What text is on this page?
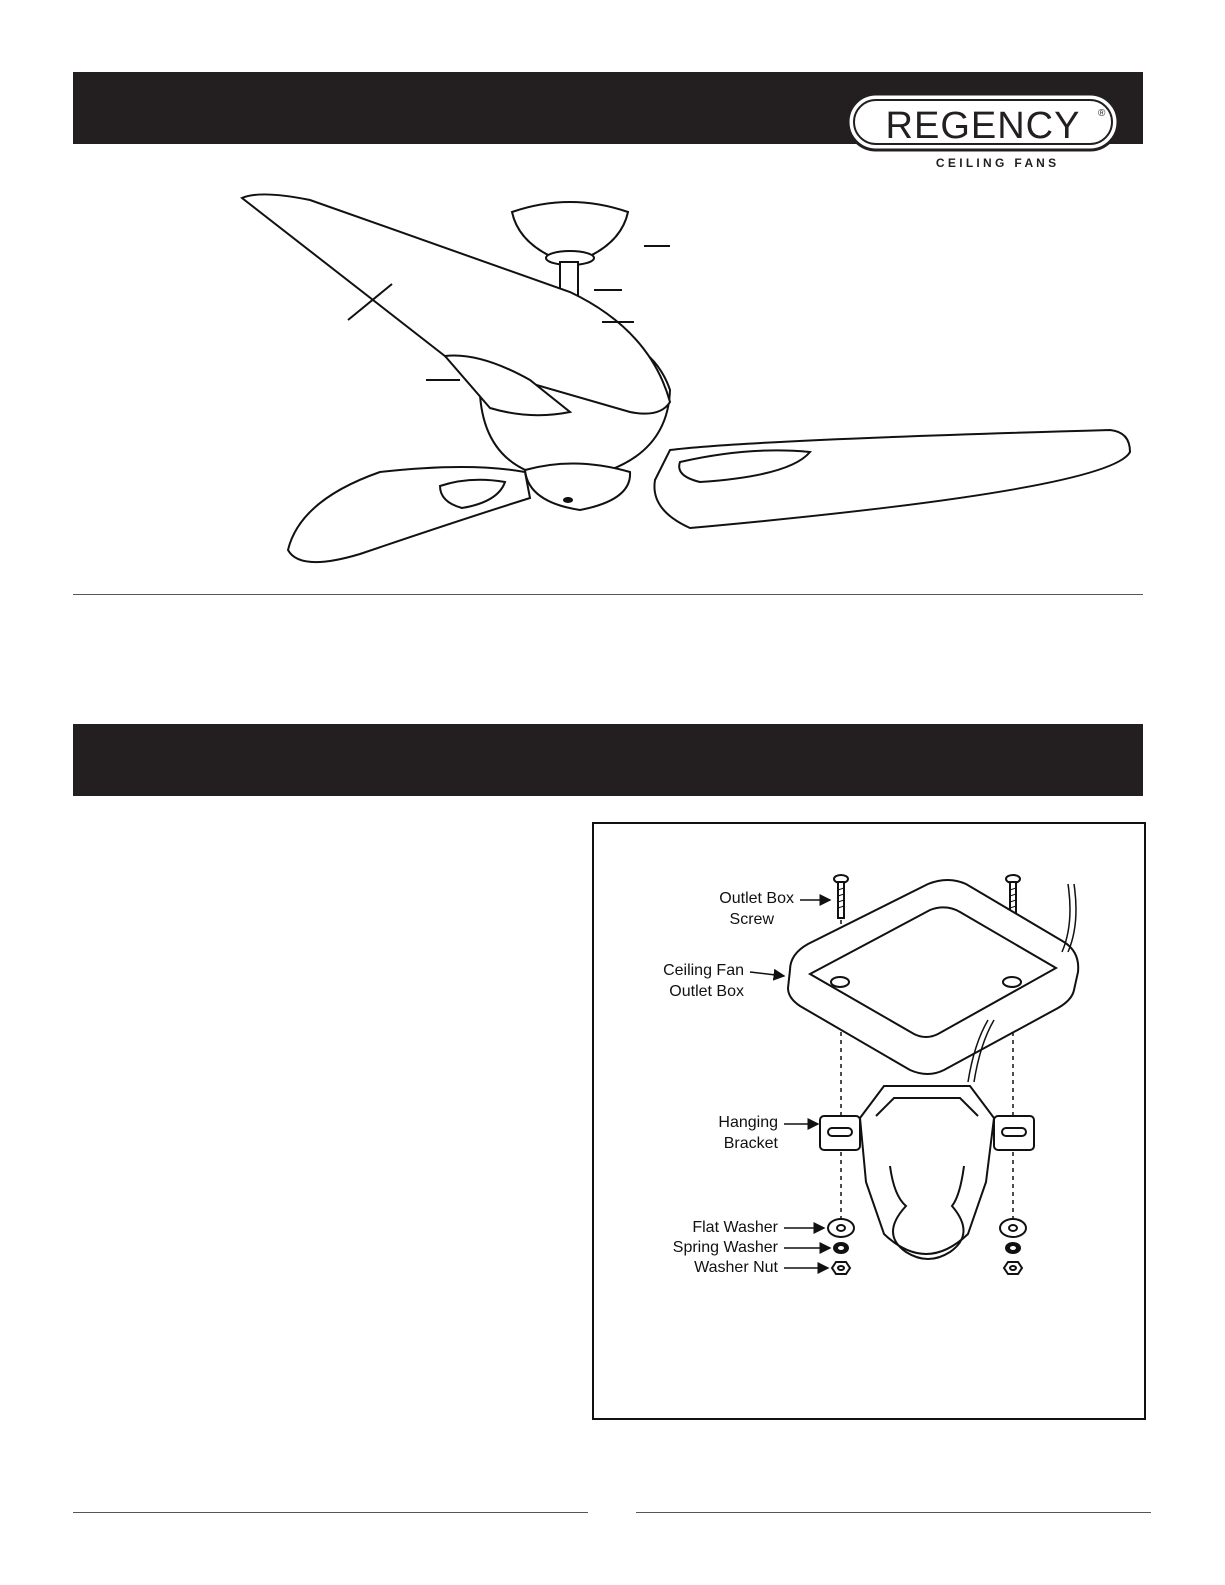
REGENCY ®
C E I L I N G   F A N S
Outlet Box
Screw
Ceiling Fan
Outlet Box
Hanging
Bracket
Flat Washer
Spring Washer
Washer Nut
